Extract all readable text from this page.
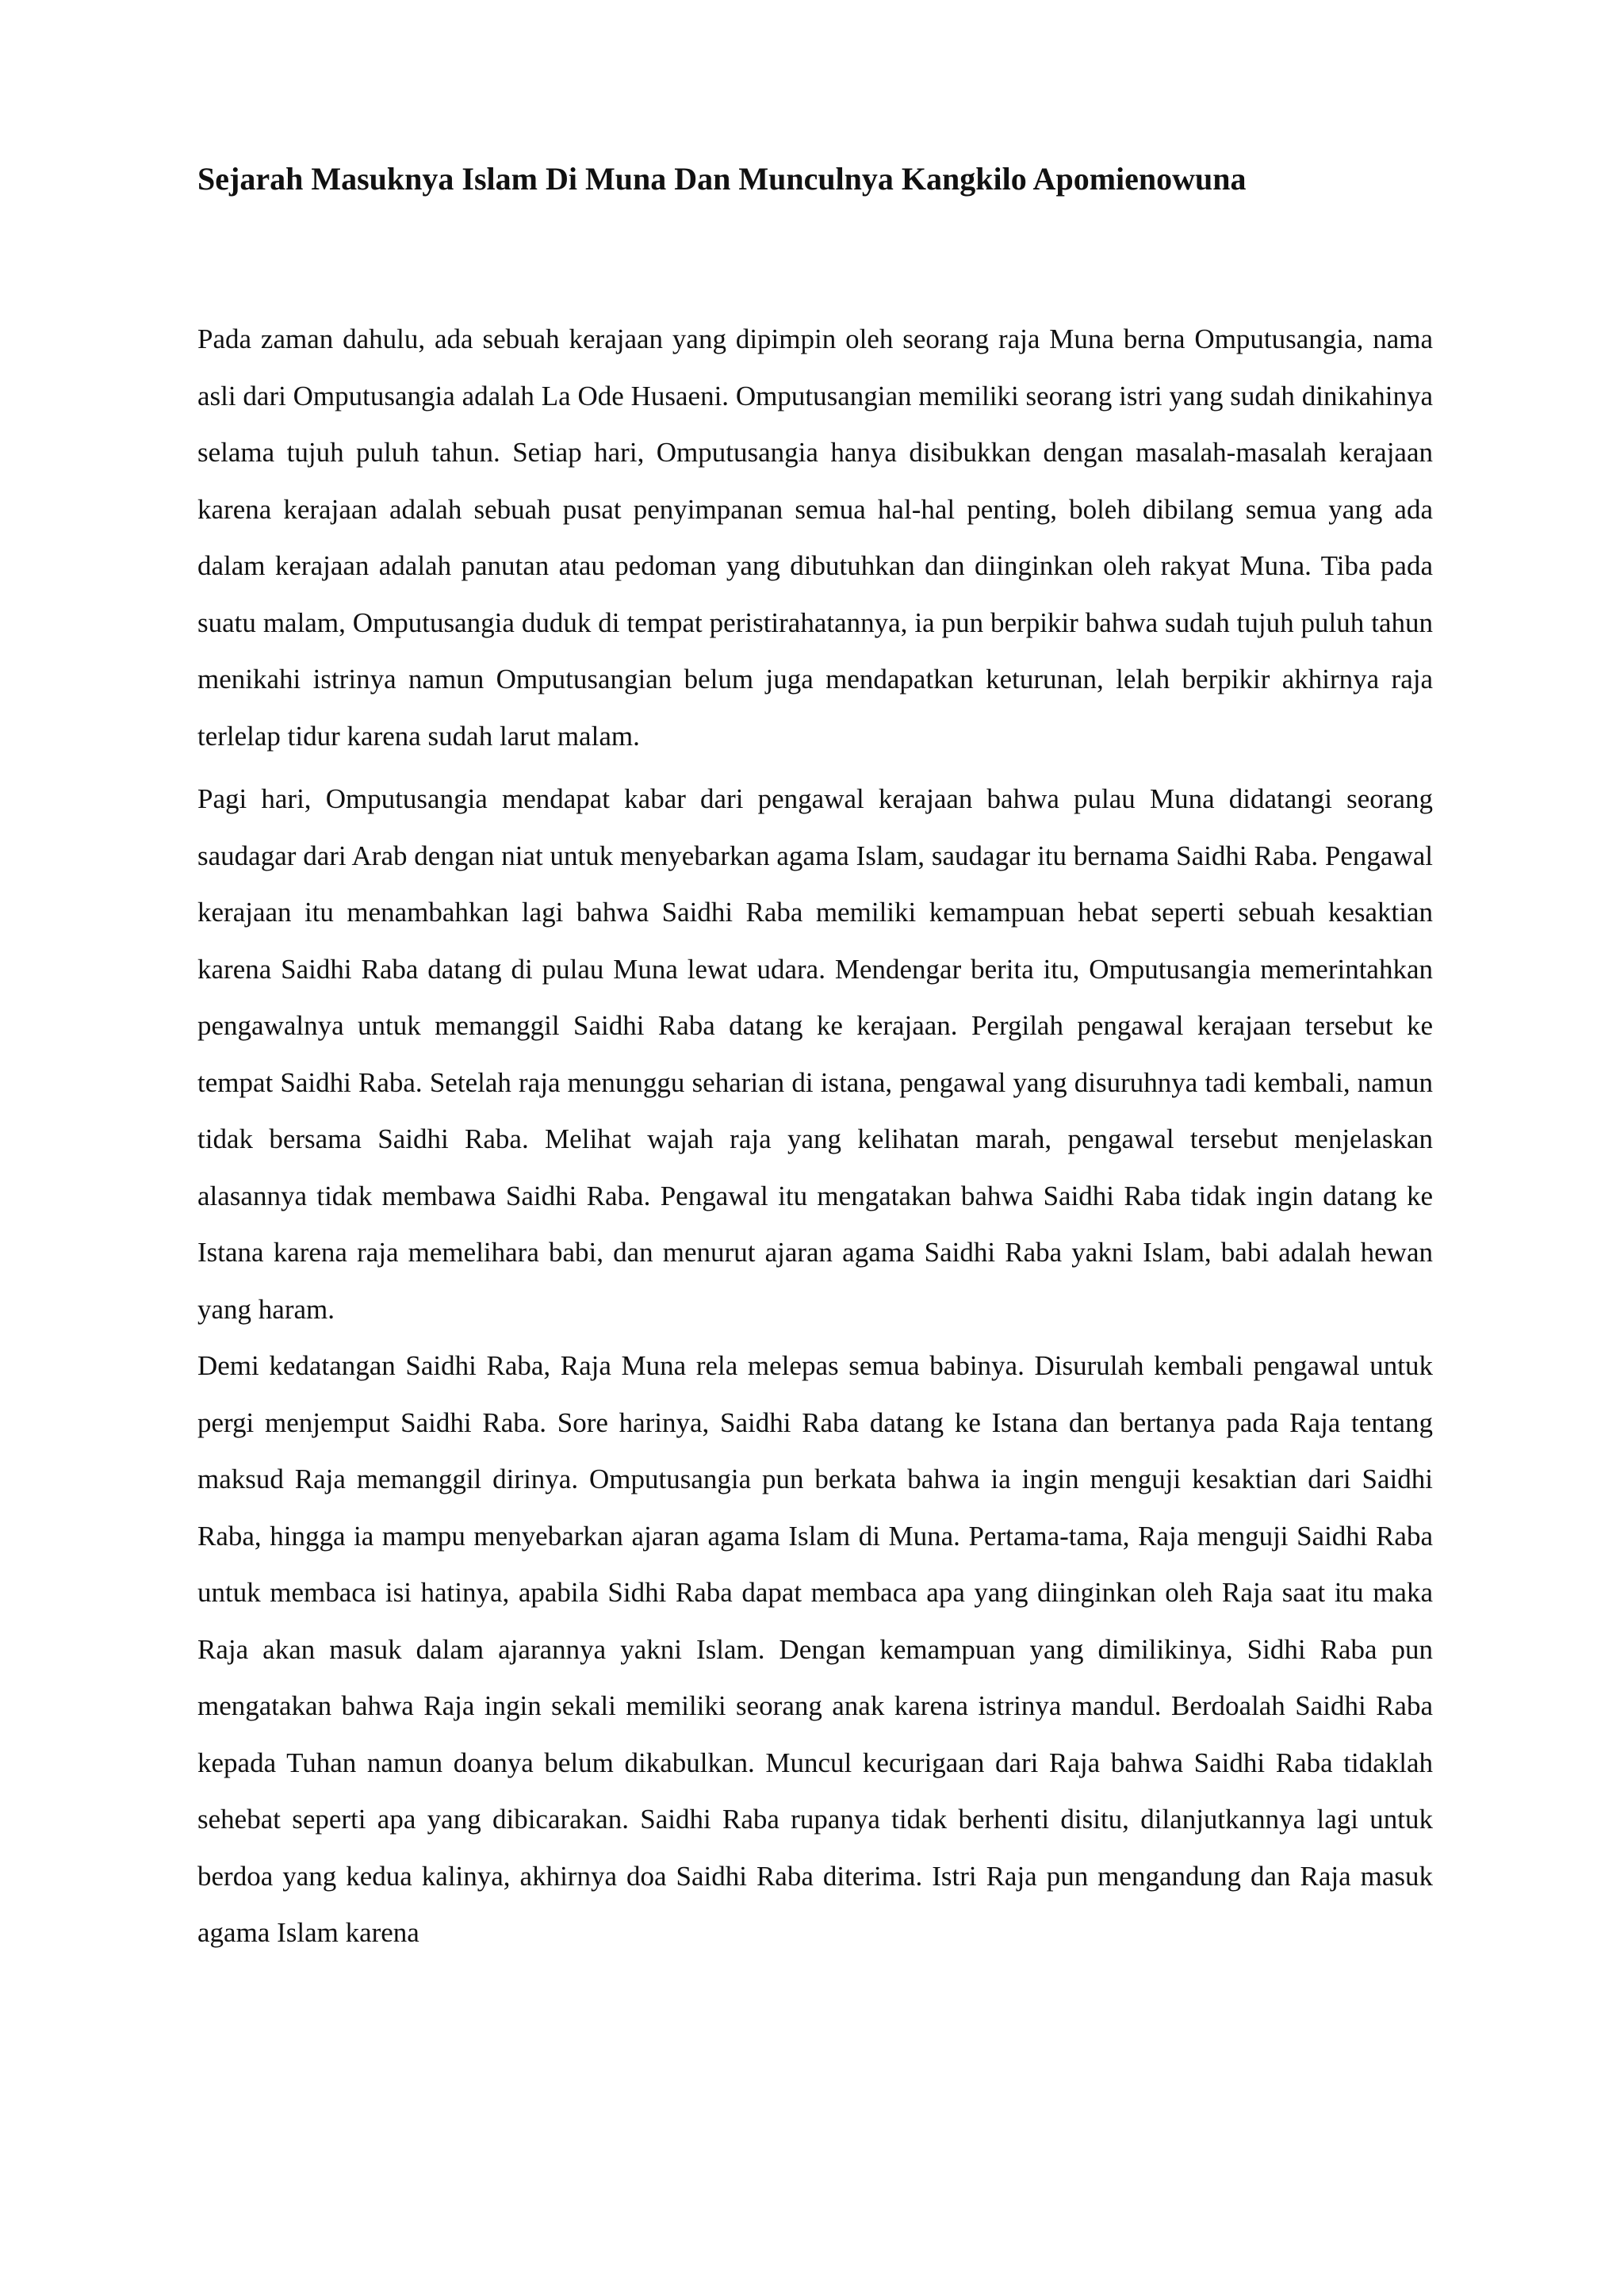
Sejarah Masuknya Islam Di Muna Dan Munculnya Kangkilo Apomienowuna

Pada zaman dahulu, ada sebuah kerajaan yang dipimpin oleh seorang raja Muna berna Omputusangia, nama asli dari Omputusangia adalah La Ode Husaeni. Omputusangian memiliki seorang istri yang sudah dinikahinya selama tujuh puluh tahun. Setiap hari, Omputusangia hanya disibukkan dengan masalah-masalah kerajaan karena kerajaan adalah sebuah pusat penyimpanan semua hal-hal penting, boleh dibilang semua yang ada dalam kerajaan adalah panutan atau pedoman yang dibutuhkan dan diinginkan oleh rakyat Muna. Tiba pada suatu malam, Omputusangia duduk di tempat peristirahatannya, ia pun berpikir bahwa sudah tujuh puluh tahun menikahi istrinya namun Omputusangian belum juga mendapatkan keturunan, lelah berpikir akhirnya raja terlelap tidur karena sudah larut malam.

Pagi hari, Omputusangia mendapat kabar dari pengawal kerajaan bahwa pulau Muna didatangi seorang saudagar dari Arab dengan niat untuk menyebarkan agama Islam, saudagar itu bernama Saidhi Raba. Pengawal kerajaan itu menambahkan lagi bahwa Saidhi Raba memiliki kemampuan hebat seperti sebuah kesaktian karena Saidhi Raba datang di pulau Muna lewat udara. Mendengar berita itu, Omputusangia memerintahkan pengawalnya untuk memanggil Saidhi Raba datang ke kerajaan. Pergilah pengawal kerajaan tersebut ke tempat Saidhi Raba. Setelah raja menunggu seharian di istana, pengawal yang disuruhnya tadi kembali, namun tidak bersama Saidhi Raba. Melihat wajah raja yang kelihatan marah, pengawal tersebut menjelaskan alasannya tidak membawa Saidhi Raba. Pengawal itu mengatakan bahwa Saidhi Raba tidak ingin datang ke Istana karena raja memelihara babi, dan menurut ajaran agama Saidhi Raba yakni Islam, babi adalah hewan yang haram.

Demi kedatangan Saidhi Raba, Raja Muna rela melepas semua babinya. Disurulah kembali pengawal untuk pergi menjemput Saidhi Raba. Sore harinya, Saidhi Raba datang ke Istana dan bertanya pada Raja tentang maksud Raja memanggil dirinya. Omputusangia pun berkata bahwa ia ingin menguji kesaktian dari Saidhi Raba, hingga ia mampu menyebarkan ajaran agama Islam di Muna. Pertama-tama, Raja menguji Saidhi Raba untuk membaca isi hatinya, apabila Sidhi Raba dapat membaca apa yang diinginkan oleh Raja saat itu maka Raja akan masuk dalam ajarannya yakni Islam. Dengan kemampuan yang dimilikinya, Sidhi Raba pun mengatakan bahwa Raja ingin sekali memiliki seorang anak karena istrinya mandul. Berdoalah Saidhi Raba kepada Tuhan namun doanya belum dikabulkan. Muncul kecurigaan dari Raja bahwa Saidhi Raba tidaklah sehebat seperti apa yang dibicarakan. Saidhi Raba rupanya tidak berhenti disitu, dilanjutkannya lagi untuk berdoa yang kedua kalinya, akhirnya doa Saidhi Raba diterima. Istri Raja pun mengandung dan Raja masuk agama Islam karena
